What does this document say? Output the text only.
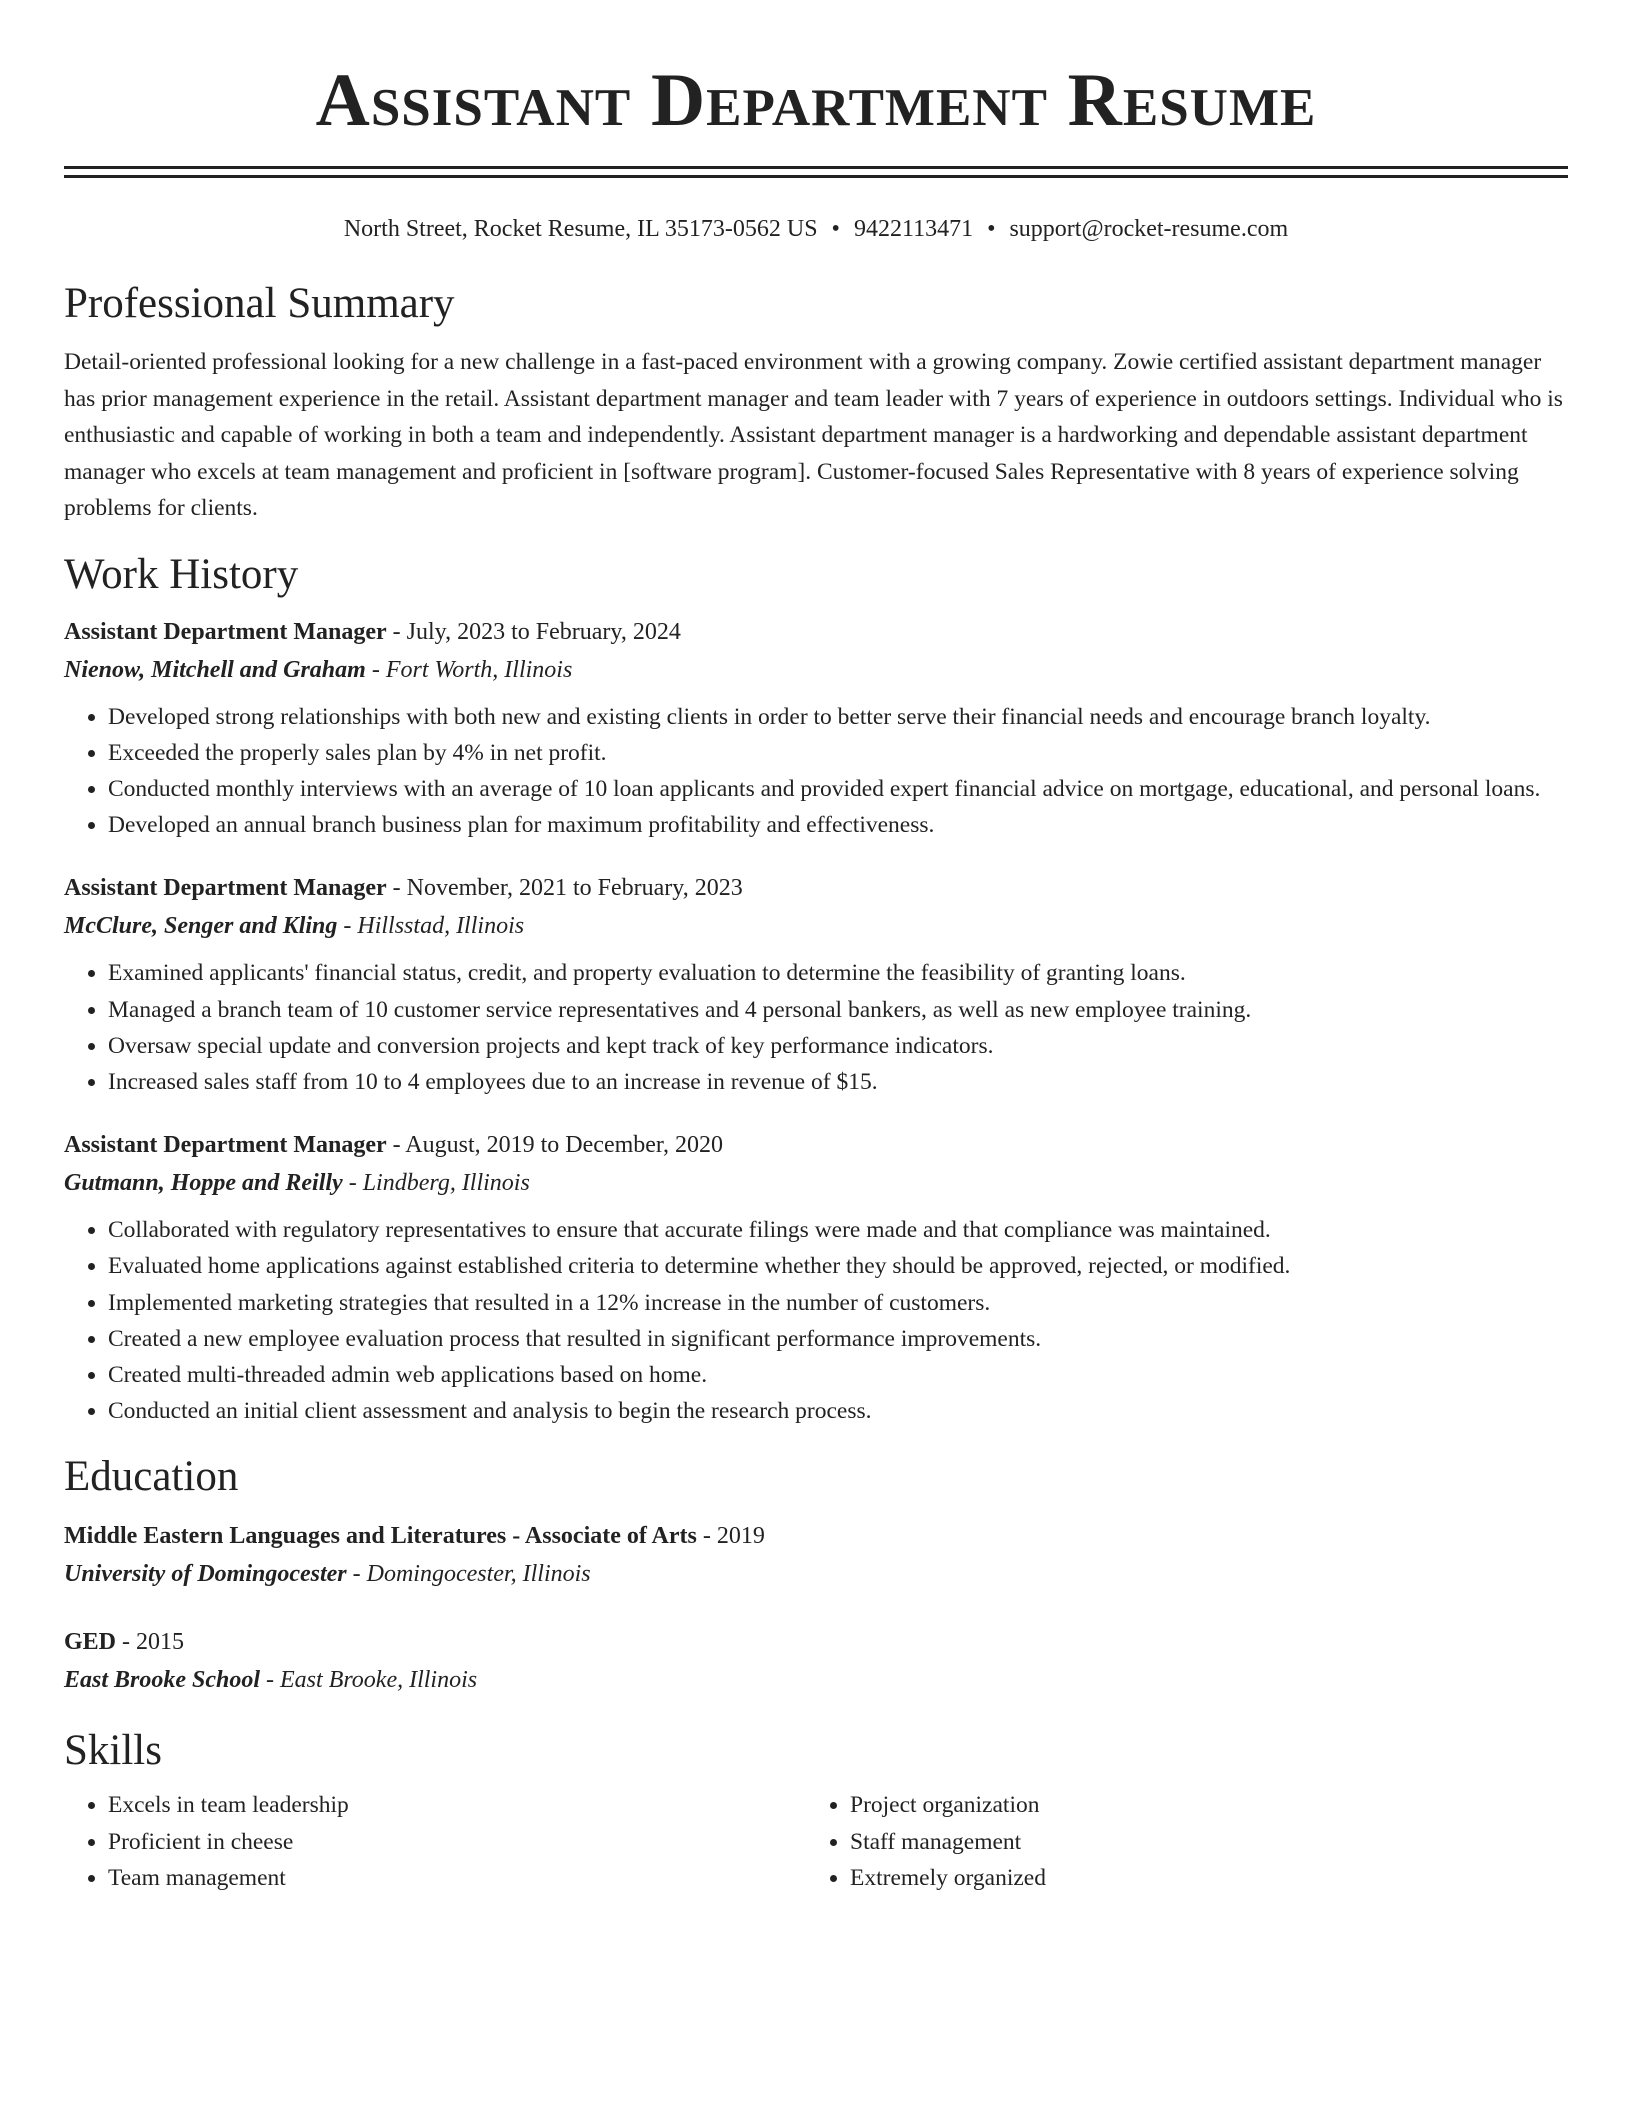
Assistant Department Resume
North Street, Rocket Resume, IL 35173-0562 US • 9422113471 • support@rocket-resume.com
Professional Summary

Detail-oriented professional looking for a new challenge in a fast-paced environment with a growing company. Zowie certified assistant department manager has prior management experience in the retail. Assistant department manager and team leader with 7 years of experience in outdoors settings. Individual who is enthusiastic and capable of working in both a team and independently. Assistant department manager is a hardworking and dependable assistant department manager who excels at team management and proficient in [software program]. Customer-focused Sales Representative with 8 years of experience solving problems for clients.

Work History
Assistant Department Manager - July, 2023 to February, 2024
Nienow, Mitchell and Graham - Fort Worth, Illinois
• Developed strong relationships with both new and existing clients in order to better serve their financial needs and encourage branch loyalty.
• Exceeded the properly sales plan by 4% in net profit.
• Conducted monthly interviews with an average of 10 loan applicants and provided expert financial advice on mortgage, educational, and personal loans.
• Developed an annual branch business plan for maximum profitability and effectiveness.
Assistant Department Manager - November, 2021 to February, 2023
McClure, Senger and Kling - Hillsstad, Illinois
• Examined applicants' financial status, credit, and property evaluation to determine the feasibility of granting loans.
• Managed a branch team of 10 customer service representatives and 4 personal bankers, as well as new employee training.
• Oversaw special update and conversion projects and kept track of key performance indicators.
• Increased sales staff from 10 to 4 employees due to an increase in revenue of $15.
Assistant Department Manager - August, 2019 to December, 2020
Gutmann, Hoppe and Reilly - Lindberg, Illinois
• Collaborated with regulatory representatives to ensure that accurate filings were made and that compliance was maintained.
• Evaluated home applications against established criteria to determine whether they should be approved, rejected, or modified.
• Implemented marketing strategies that resulted in a 12% increase in the number of customers.
• Created a new employee evaluation process that resulted in significant performance improvements.
• Created multi-threaded admin web applications based on home.
• Conducted an initial client assessment and analysis to begin the research process.
Education
Middle Eastern Languages and Literatures - Associate of Arts - 2019
University of Domingocester - Domingocester, Illinois
GED - 2015
East Brooke School - East Brooke, Illinois
Skills
• Excels in team leadership
• Proficient in cheese
• Team management
• Project organization
• Staff management
• Extremely organized
